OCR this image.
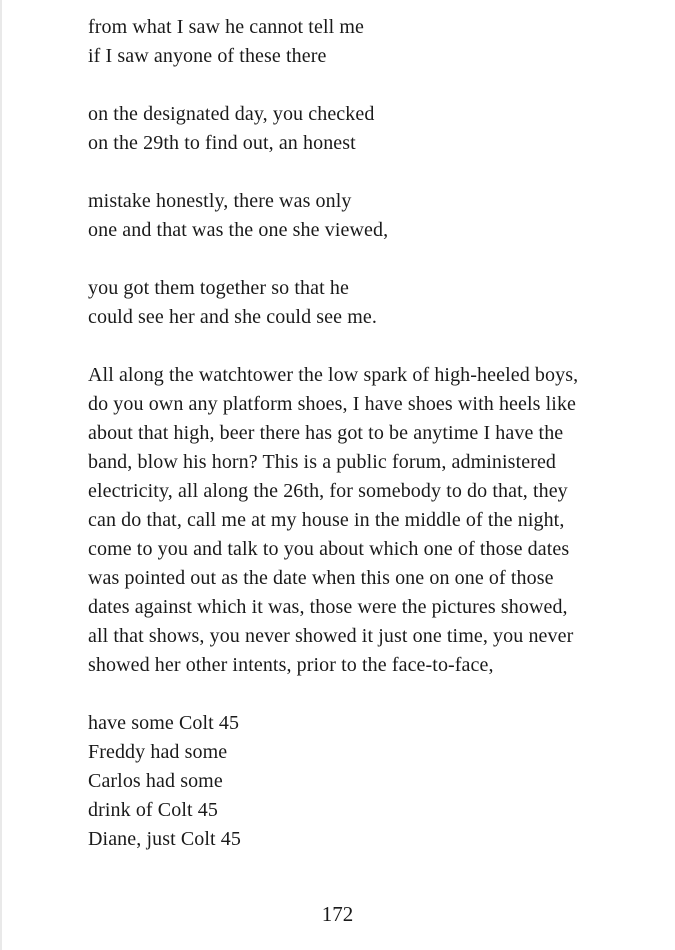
from what I saw he cannot tell me
if I saw anyone of these there
on the designated day, you checked
on the 29th to find out, an honest
mistake honestly, there was only
one and that was the one she viewed,
you got them together so that he
could see her and she could see me.
All along the watchtower the low spark of high-heeled boys,
do you own any platform shoes, I have shoes with heels like
about that high, beer there has got to be anytime I have the
band, blow his horn? This is a public forum, administered
electricity, all along the 26th, for somebody to do that, they
can do that, call me at my house in the middle of the night,
come to you and talk to you about which one of those dates
was pointed out as the date when this one on one of those
dates against which it was, those were the pictures showed,
all that shows, you never showed it just one time, you never
showed her other intents, prior to the face-to-face,
have some Colt 45
Freddy had some
Carlos had some
drink of Colt 45
Diane, just Colt 45
172
